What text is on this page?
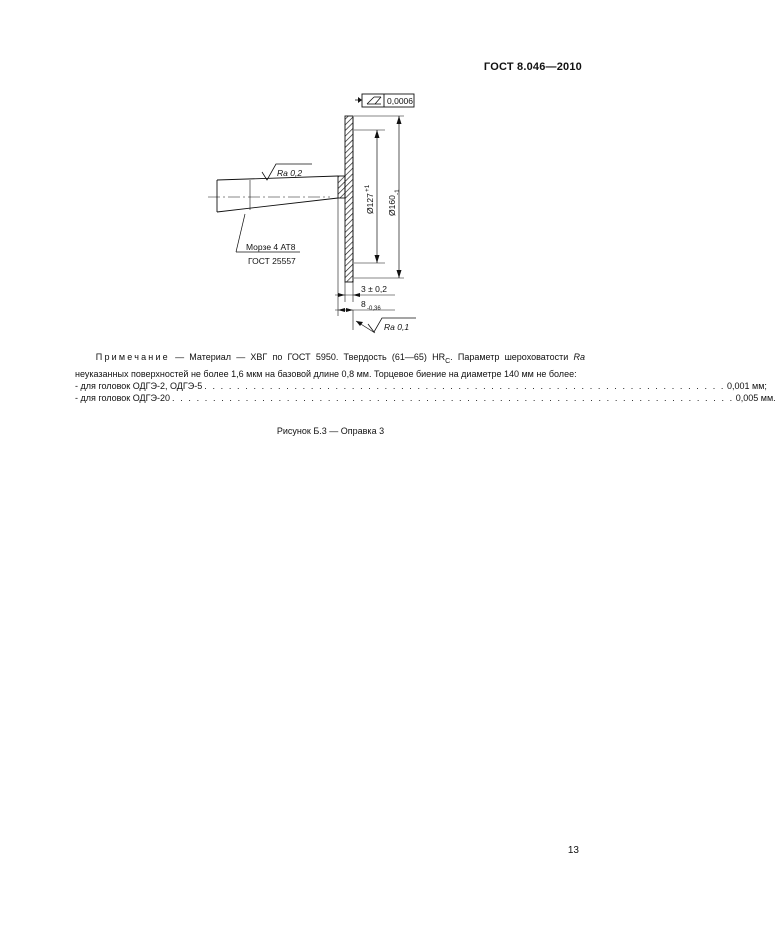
ГОСТ 8.046—2010
0,0006
Ra 0,2
Морзе 4 АТ8
ГОСТ 25557
Ø127
+1
Ø160
-1
3 ± 0,2
8 -0,36
Ra 0,1

Примечание — Материал — ХВГ по ГОСТ 5950. Твердость (61—65) $HR_C$. Параметр шероховатости Ra неуказанных поверхностей не более 1,6 мкм на базовой длине 0,8 мм. Торцевое биение на диаметре 140 мм не более:

- для головок ОДГЭ-2, ОДГЭ-5 . . . . . . . . . . . . . . . . . . . . . . . . . . . . . . . . . . . . . . . . . . . . . . . . . . . . . . . . . . . . . . . . 0,001 мм;
- для головок ОДГЭ-20 . . . . . . . . . . . . . . . . . . . . . . . . . . . . . . . . . . . . . . . . . . . . . . . . . . . . . . . . . . . . . . . . . . . . . 0,005 мм.
Рисунок Б.3 — Оправка 3
13
